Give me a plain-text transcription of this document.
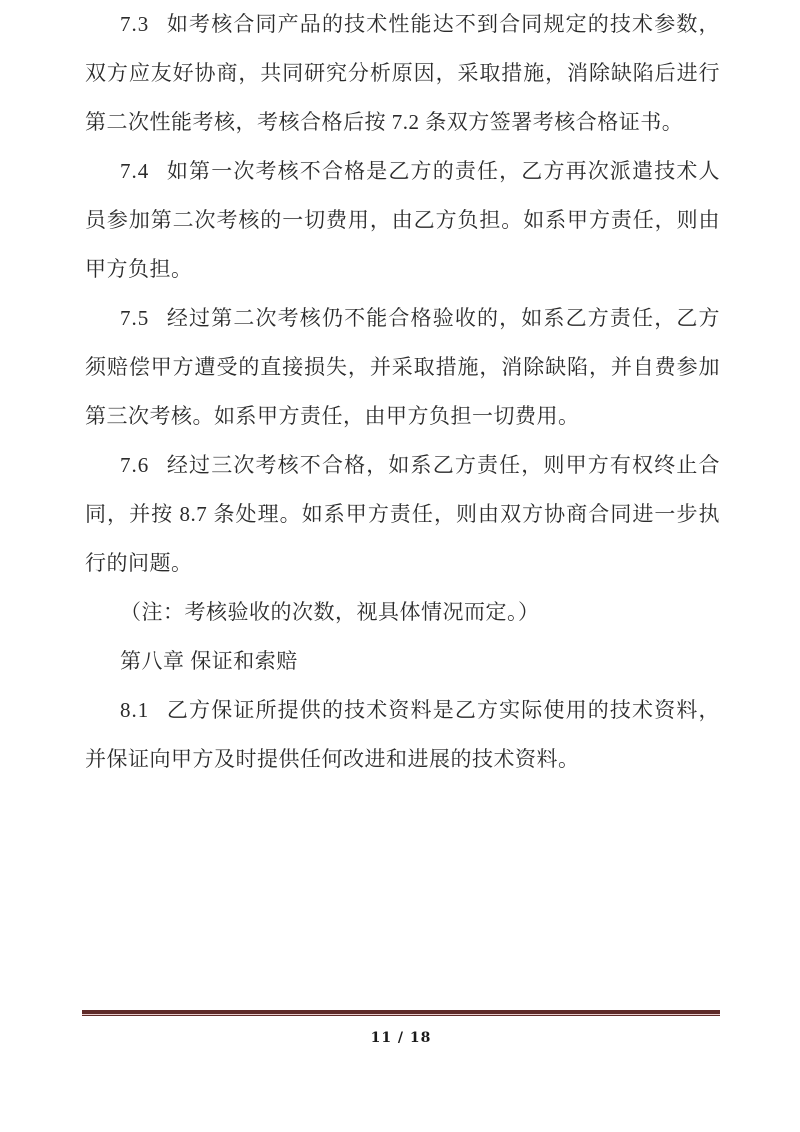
7.3 如考核合同产品的技术性能达不到合同规定的技术参数，双方应友好协商，共同研究分析原因，采取措施，消除缺陷后进行第二次性能考核，考核合格后按 7.2 条双方签署考核合格证书。

7.4 如第一次考核不合格是乙方的责任，乙方再次派遣技术人员参加第二次考核的一切费用，由乙方负担。如系甲方责任，则由甲方负担。

7.5 经过第二次考核仍不能合格验收的，如系乙方责任，乙方须赔偿甲方遭受的直接损失，并采取措施，消除缺陷，并自费参加第三次考核。如系甲方责任，由甲方负担一切费用。

7.6 经过三次考核不合格，如系乙方责任，则甲方有权终止合同，并按 8.7 条处理。如系甲方责任，则由双方协商合同进一步执行的问题。

（注：考核验收的次数，视具体情况而定。）

第八章 保证和索赔

8.1 乙方保证所提供的技术资料是乙方实际使用的技术资料，并保证向甲方及时提供任何改进和进展的技术资料。

11 / 18
